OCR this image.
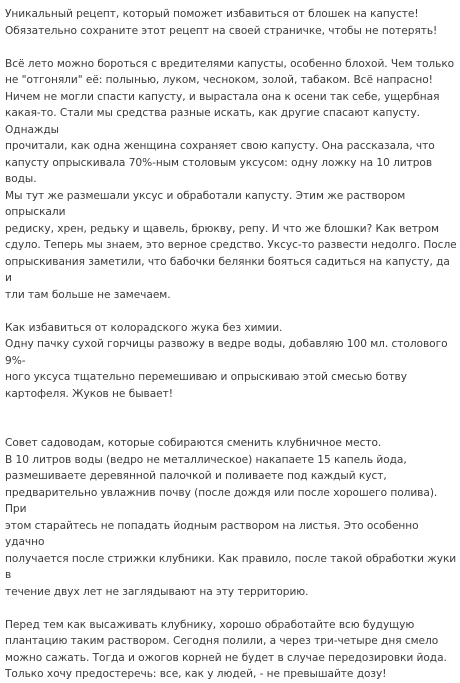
Уникальный рецепт, который поможет избавиться от блошек на капусте!
Обязательно сохраните этот рецепт на своей страничке, чтобы не потерять!

Всё лето можно бороться с вредителями капусты, особенно блохой. Чем только
не "отгоняли" её: полынью, луком, чесноком, золой, табаком. Всё напрасно!
Ничем не могли спасти капусту, и вырастала она к осени так себе, ущербная
какая-то. Стали мы средства разные искать, как другие спасают капусту. Однажды
прочитали, как одна женщина сохраняет свою капусту. Она рассказала, что
капусту опрыскивала 70%-ным столовым уксусом: одну ложку на 10 литров воды.
Мы тут же размешали уксус и обработали капусту. Этим же раствором опрыскали
редиску, хрен, редьку и щавель, брюкву, репу. И что же блошки? Как ветром
сдуло. Теперь мы знаем, это верное средство. Уксус-то развести недолго. После
опрыскивания заметили, что бабочки белянки бояться садиться на капусту, да и
тли там больше не замечаем.

Как избавиться от колорадского жука без химии.
Одну пачку сухой горчицы развожу в ведре воды, добавляю 100 мл. столового 9%-
ного уксуса тщательно перемешиваю и опрыскиваю этой смесью ботву
картофеля. Жуков не бывает!

Совет садоводам, которые собираются сменить клубничное место.
В 10 литров воды (ведро не металлическое) накапаете 15 капель йода,
размешиваете деревянной палочкой и поливаете под каждый куст,
предварительно увлажнив почву (после дождя или после хорошего полива). При
этом старайтесь не попадать йодным раствором на листья. Это особенно удачно
получается после стрижки клубники. Как правило, после такой обработки жуки в
течение двух лет не заглядывают на эту территорию.

Перед тем как высаживать клубнику, хорошо обработайте всю будущую
плантацию таким раствором. Сегодня полили, а через три-четыре дня смело
можно сажать. Тогда и ожогов корней не будет в случае передозировки йода.
Только хочу предостеречь: все, как у людей, - не превышайте дозу!
